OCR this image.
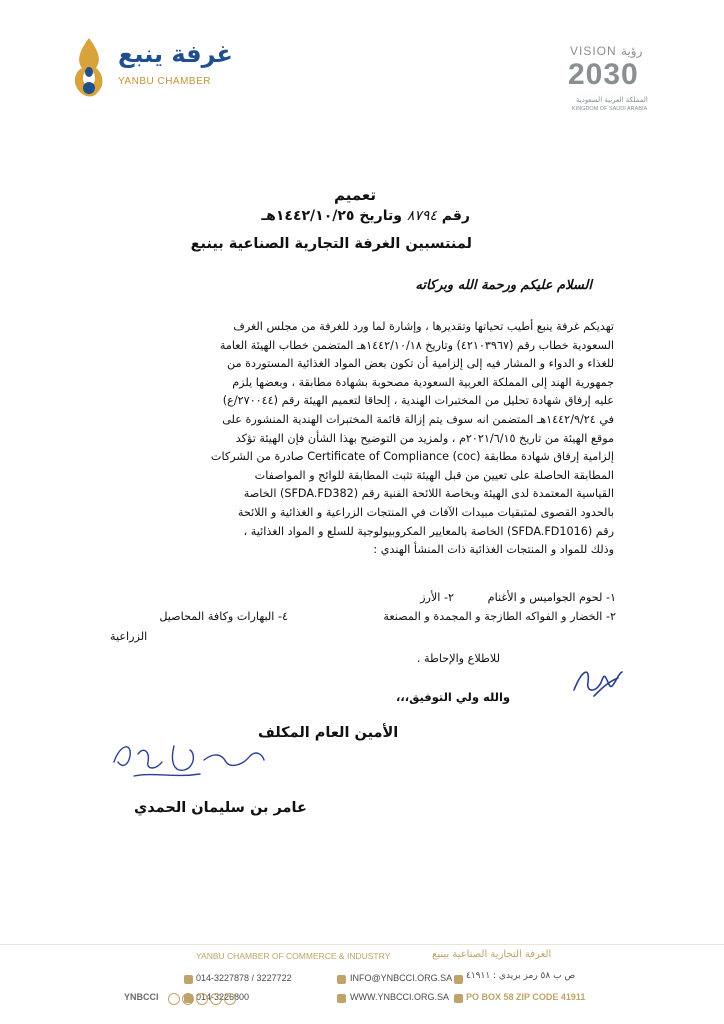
غرفة ينبع
YANBU CHAMBER
VISION رؤية
2030
المملكة العربية السعودية
KINGDOM OF SAUDI ARABIA
تعميم
رقم ٨٧٩٤ وتاريخ ١٤٤٢/١٠/٢٥هـ
لمنتسبين الغرفة التجارية الصناعية بينبع
السلام عليكم ورحمة الله وبركاته
تهديكم غرفة ينبع أطيب تحياتها وتقديرها ، وإشارة لما ورد للغرفة من مجلس الغرف
السعودية خطاب رقم (٤٢١٠٣٩٦٧) وتاريخ ١٤٤٢/١٠/١٨هـ المتضمن خطاب الهيئة العامة
للغذاء و الدواء و المشار فيه إلى إلزامية أن تكون بعض المواد الغذائية المستوردة من
جمهورية الهند إلى المملكة العربية السعودية مصحوبة بشهادة مطابقة ، وبعضها يلزم
عليه إرفاق شهادة تحليل من المختبرات الهندية ، إلحاقا لتعميم الهيئة رقم (٢٧٠٠٤٤/ع)
في ١٤٤٢/٩/٢٤هـ المتضمن انه سوف يتم إزالة قائمة المختبرات الهندية المنشورة على
موقع الهيئة من تاريخ ٢٠٢١/٦/١٥م ، ولمزيد من التوضيح بهذا الشأن فإن الهيئة تؤكد
إلزامية إرفاق شهادة مطابقة (coc) Certificate of Compliance صادرة من الشركات
المطابقة الحاصلة على تعيين من قبل الهيئة تثبت المطابقة للوائح و المواصفات
القياسية المعتمدة لدى الهيئة وبخاصة اللائحة الفنية رقم (SFDA.FD382) الخاصة
بالحدود القصوى لمتبقيات مبيدات الآفات في المنتجات الزراعية و الغذائية و اللائحة
رقم (SFDA.FD1016) الخاصة بالمعايير المكروبيولوجية للسلع و المواد الغذائية ،
وذلك للمواد و المنتجات الغذائية ذات المنشأ الهندي :
١- لحوم الجواميس و الأغنام
٢- الأرز
٢- الخضار و الفواكه الطازجة و المجمدة و المصنعة
٤- البهارات وكافة المحاصيل
الزراعية
للاطلاع والإحاطة .
والله ولي التوفيق،،،
الأمين العام المكلف
عامر بن سليمان الحمدي
YANBU CHAMBER OF COMMERCE & INDUSTRY	الغرفة التجارية الصناعية بينبع
014-3227878 / 3227722
014-3226800
INFO@YNBCCI.ORG.SA
WWW.YNBCCI.ORG.SA
ص ب ٥٨ رمز بريدي : ٤١٩١١
PO BOX 58 ZIP CODE 41911
YNBCCI
